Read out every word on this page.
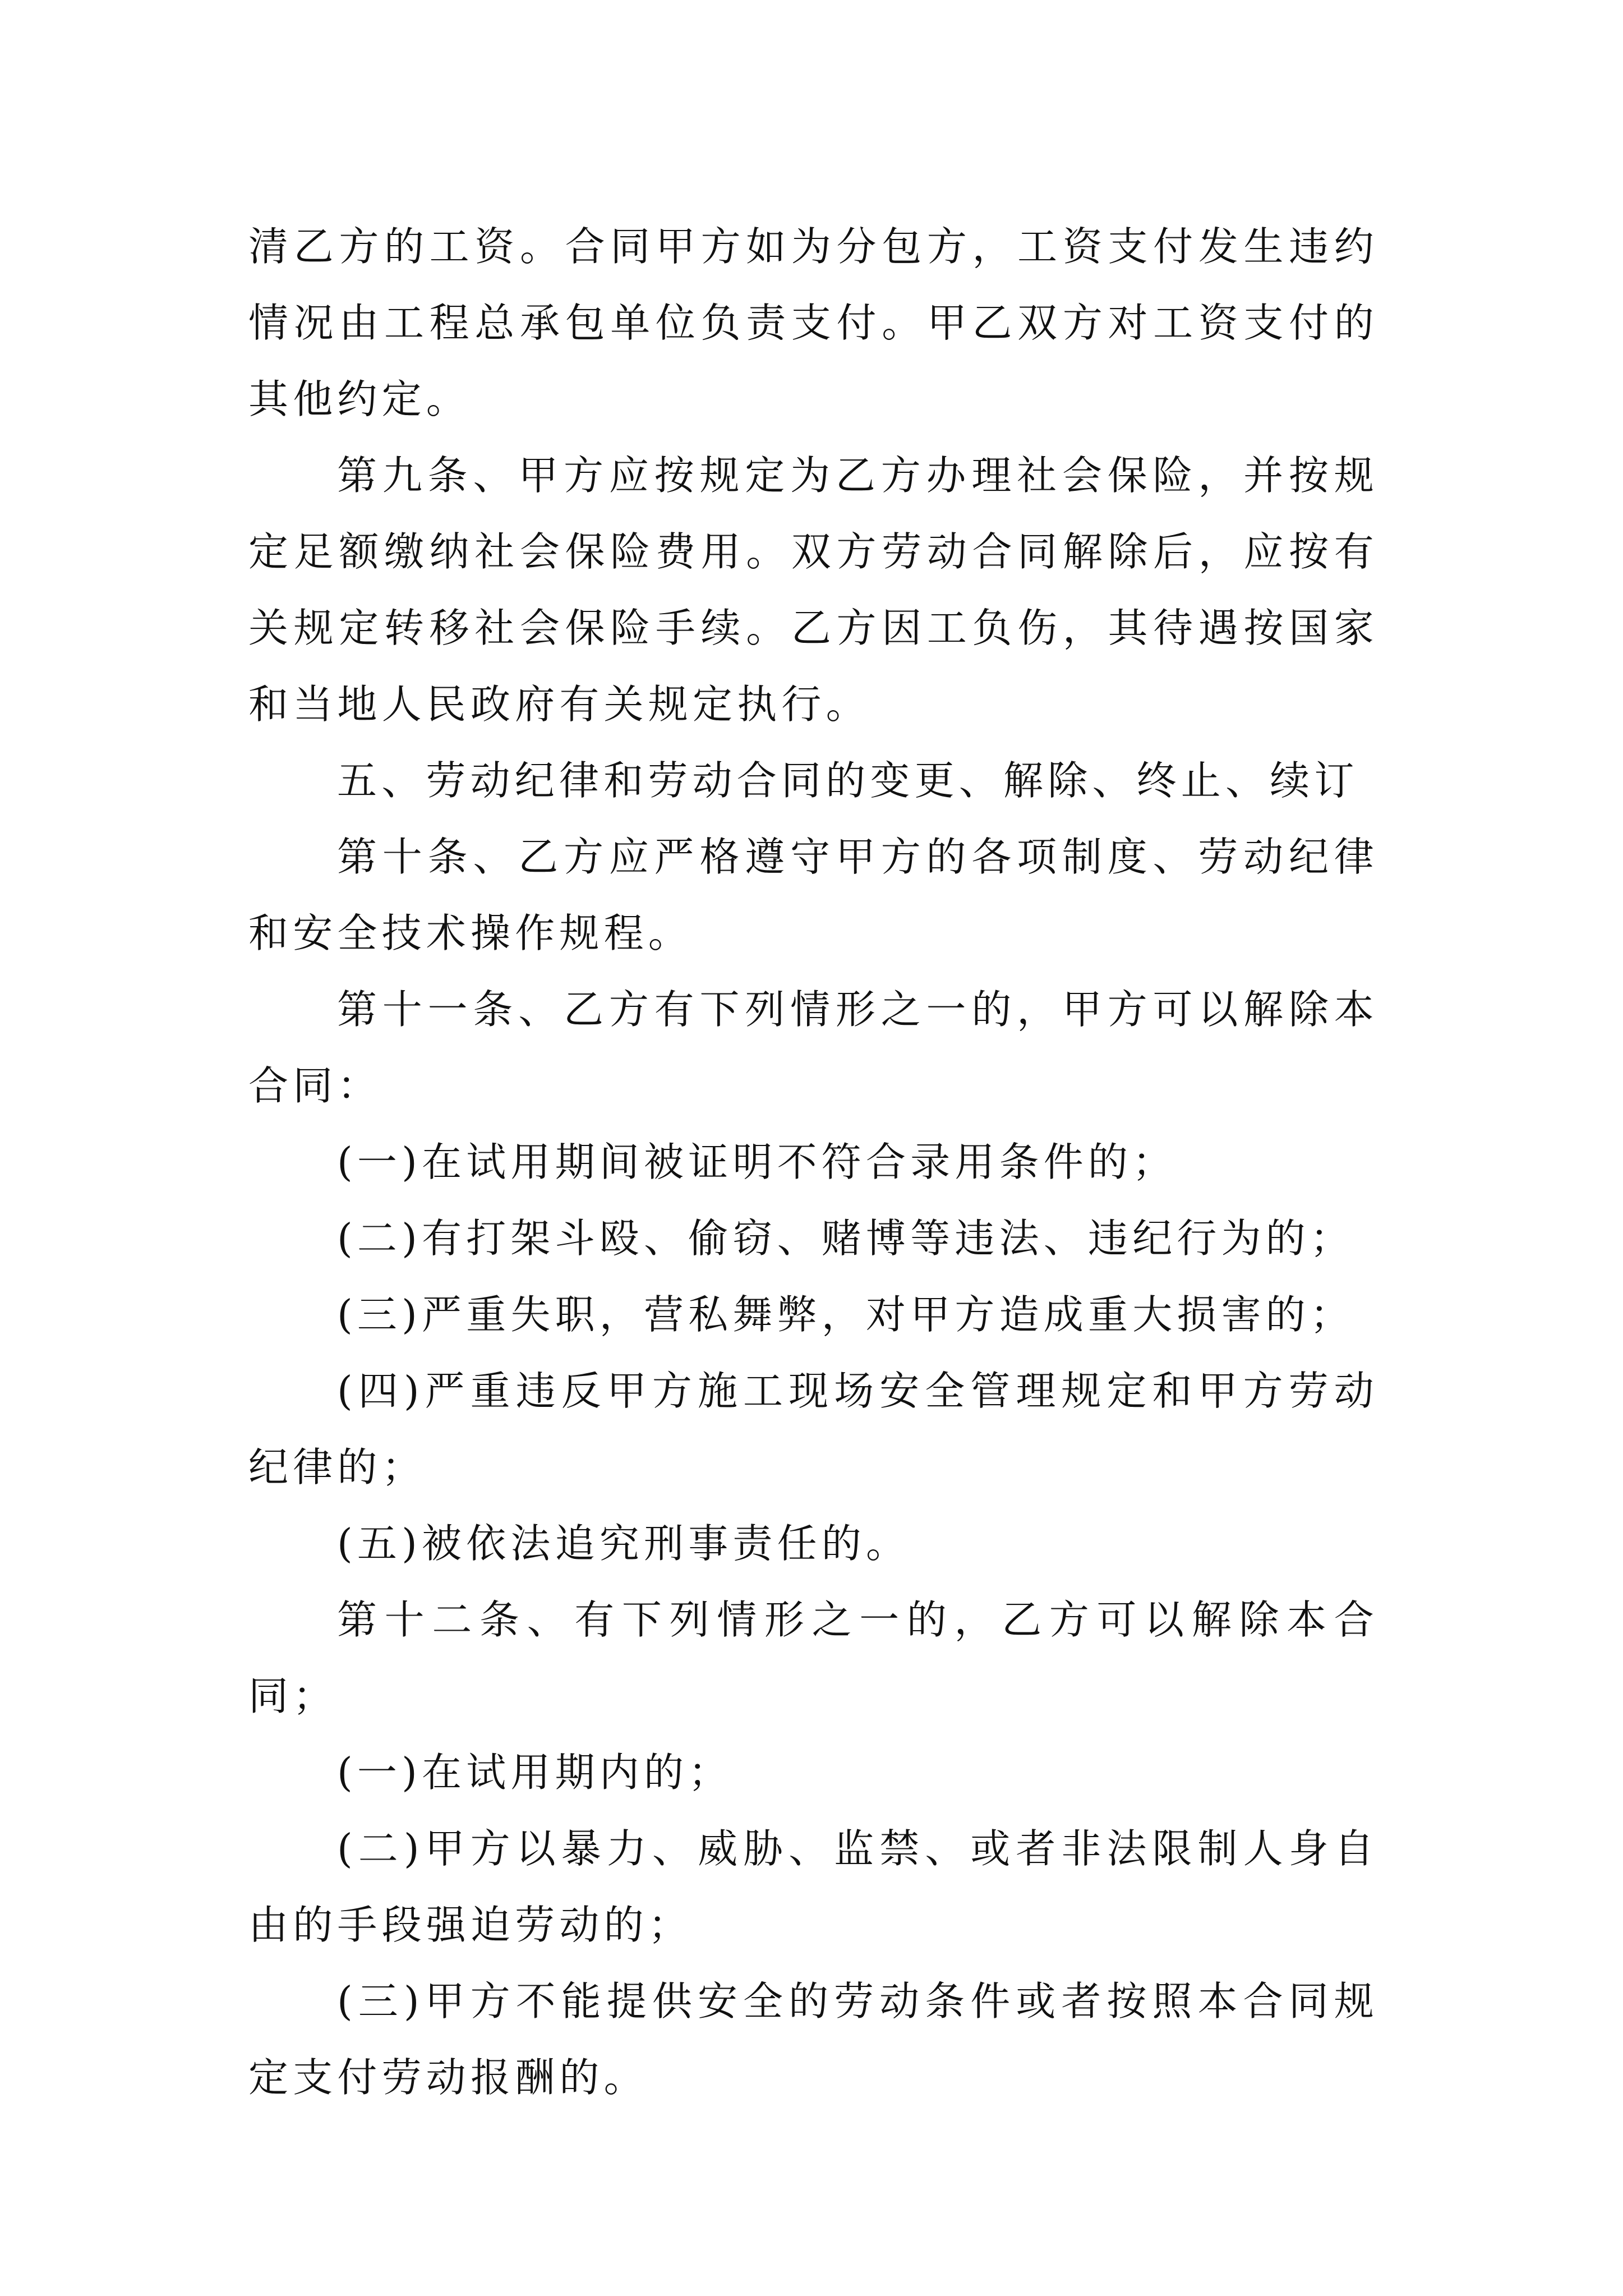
清乙方的工资。合同甲方如为分包方，工资支付发生违约情况由工程总承包单位负责支付。甲乙双方对工资支付的其他约定。

第九条、甲方应按规定为乙方办理社会保险，并按规定足额缴纳社会保险费用。双方劳动合同解除后，应按有关规定转移社会保险手续。乙方因工负伤，其待遇按国家和当地人民政府有关规定执行。

五、劳动纪律和劳动合同的变更、解除、终止、续订

第十条、乙方应严格遵守甲方的各项制度、劳动纪律和安全技术操作规程。

第十一条、乙方有下列情形之一的，甲方可以解除本合同：

(一)在试用期间被证明不符合录用条件的；

(二)有打架斗殴、偷窃、赌博等违法、违纪行为的；

(三)严重失职，营私舞弊，对甲方造成重大损害的；

(四)严重违反甲方施工现场安全管理规定和甲方劳动纪律的；

(五)被依法追究刑事责任的。

第十二条、有下列情形之一的，乙方可以解除本合同；

(一)在试用期内的；

(二)甲方以暴力、威胁、监禁、或者非法限制人身自由的手段强迫劳动的；

(三)甲方不能提供安全的劳动条件或者按照本合同规定支付劳动报酬的。
